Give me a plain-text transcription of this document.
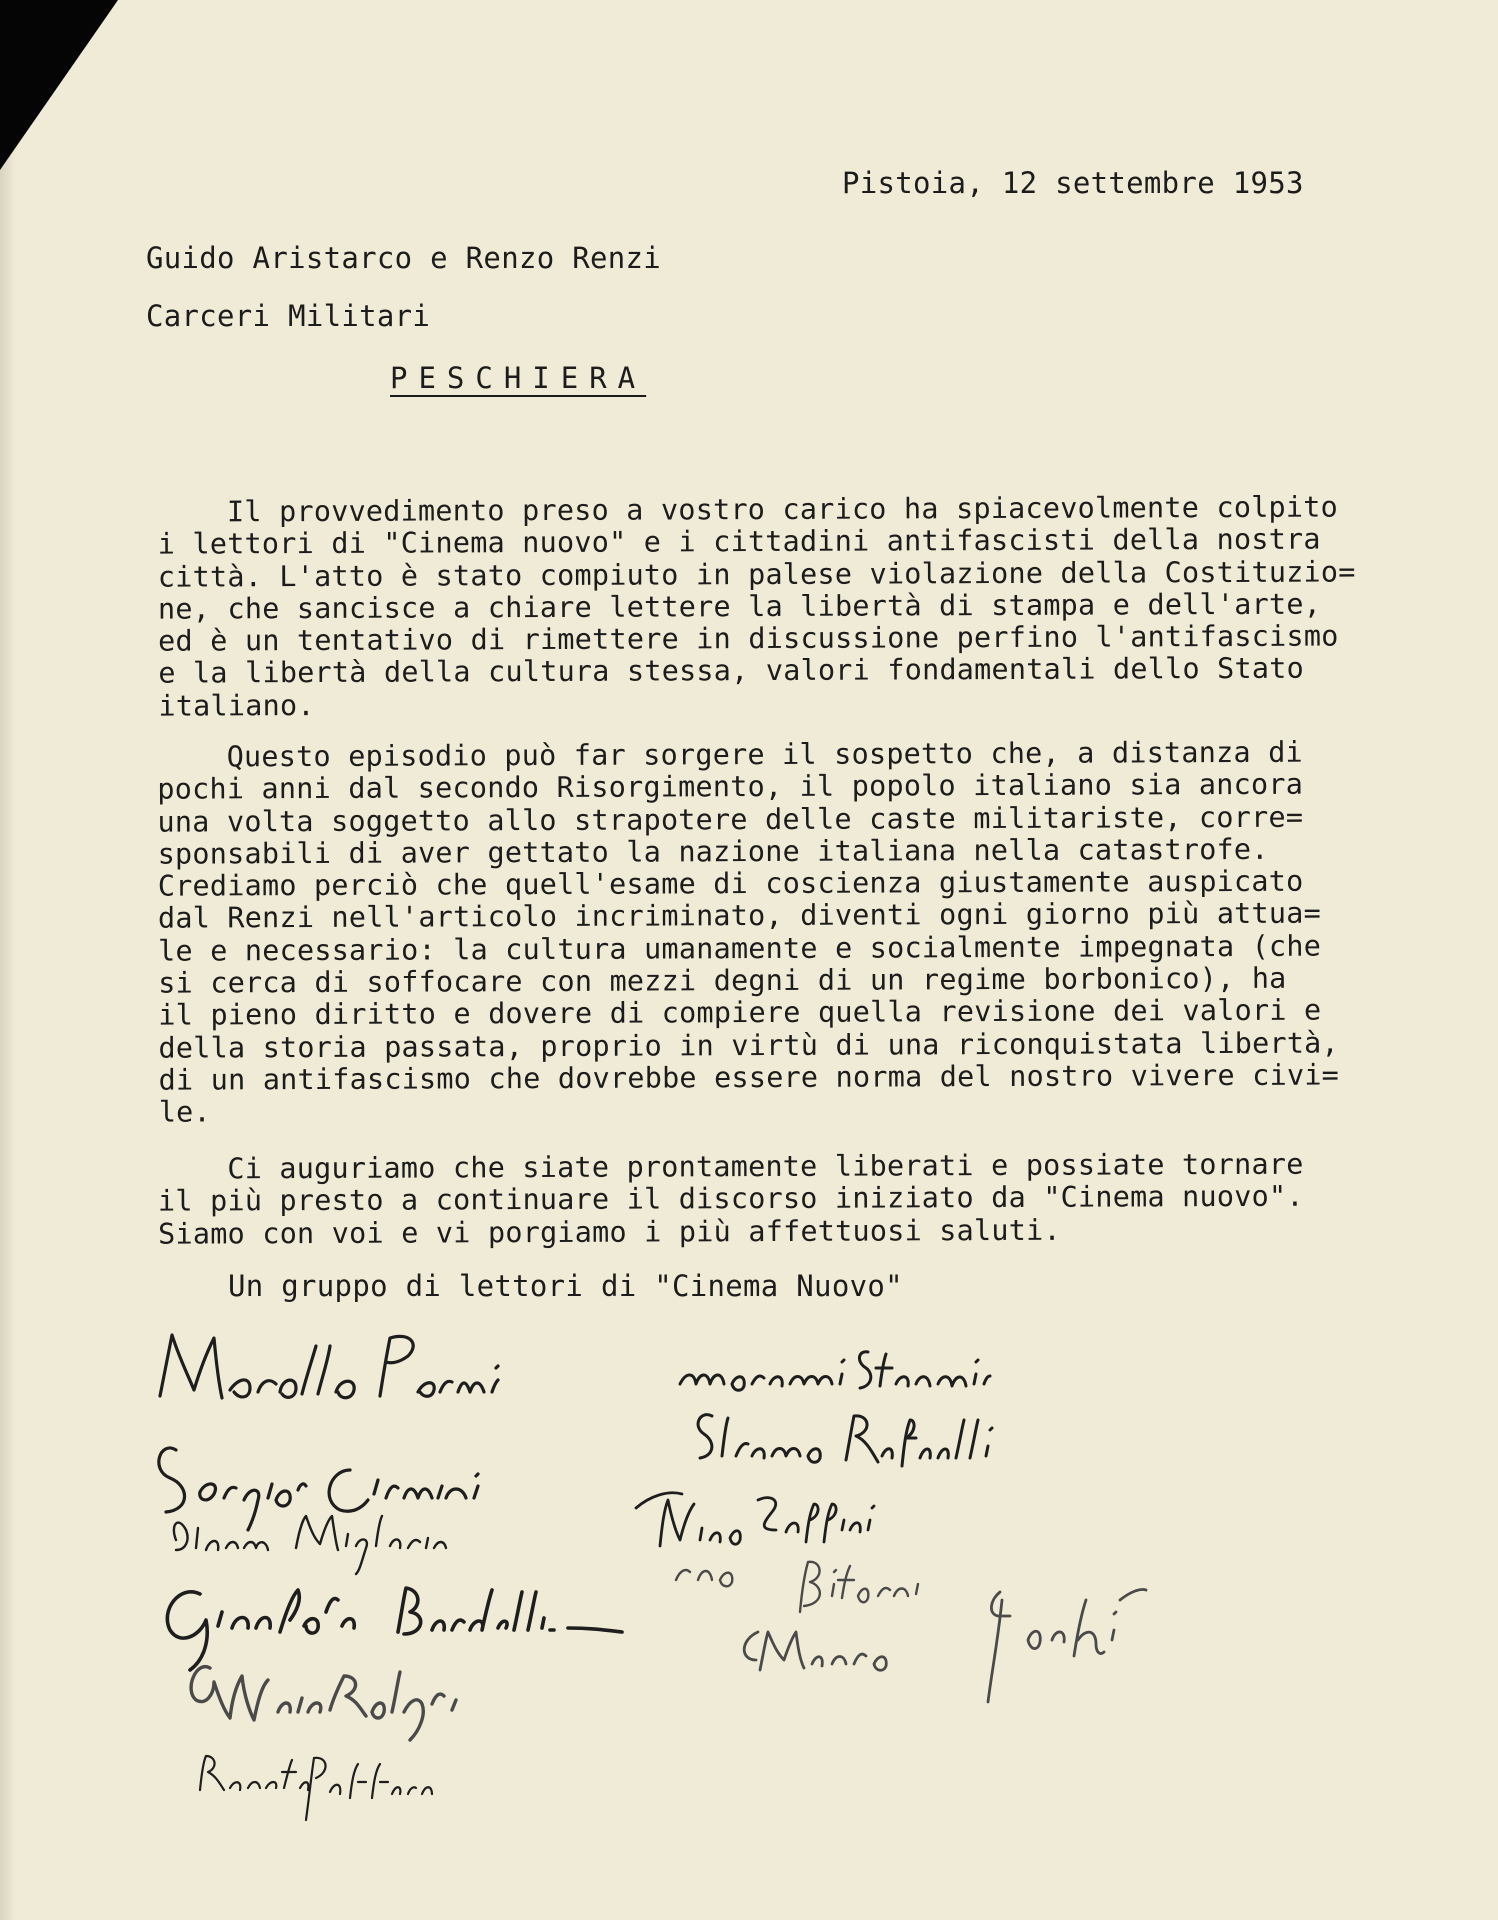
Pistoia, 12 settembre 1953
Guido Aristarco e Renzo Renzi
Carceri Militari
PESCHIERA
Il provvedimento preso a vostro carico ha spiacevolmente colpito
i lettori di "Cinema nuovo" e i cittadini antifascisti della nostra
città. L'atto è stato compiuto in palese violazione della Costituzio=
ne, che sancisce a chiare lettere la libertà di stampa e dell'arte,
ed è un tentativo di rimettere in discussione perfino l'antifascismo
e la libertà della cultura stessa, valori fondamentali dello Stato
italiano.
Questo episodio può far sorgere il sospetto che, a distanza di
pochi anni dal secondo Risorgimento, il popolo italiano sia ancora
una volta soggetto allo strapotere delle caste militariste, corre=
sponsabili di aver gettato la nazione italiana nella catastrofe.
Crediamo perciò che quell'esame di coscienza giustamente auspicato
dal Renzi nell'articolo incriminato, diventi ogni giorno più attua=
le e necessario: la cultura umanamente e socialmente impegnata (che
si cerca di soffocare con mezzi degni di un regime borbonico), ha
il pieno diritto e dovere di compiere quella revisione dei valori e
della storia passata, proprio in virtù di una riconquistata libertà,
di un antifascismo che dovrebbe essere norma del nostro vivere civi=
le.
Ci auguriamo che siate prontamente liberati e possiate tornare
il più presto a continuare il discorso iniziato da "Cinema nuovo".
Siamo con voi e vi porgiamo i più affettuosi saluti.
Un gruppo di lettori di "Cinema Nuovo"
